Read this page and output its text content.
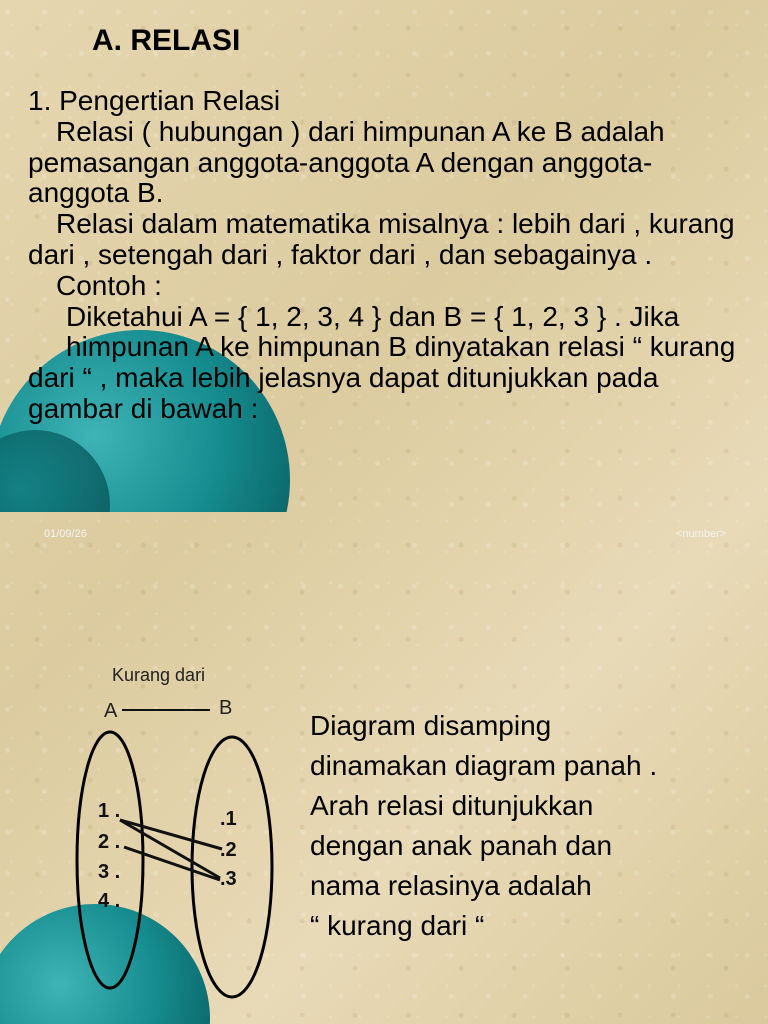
A. RELASI

1. Pengertian Relasi

Relasi ( hubungan ) dari himpunan A ke B adalah pemasangan anggota-anggota A dengan anggota-anggota B.

Relasi dalam matematika misalnya : lebih dari , kurang dari , setengah dari , faktor dari , dan sebagainya .

Contoh :

Diketahui A = { 1, 2, 3, 4 } dan B = { 1, 2, 3 } . Jika

himpunan A ke himpunan B dinyatakan relasi “ kurang dari “ , maka lebih jelasnya dapat ditunjukkan pada gambar di bawah :

01/09/26	<number>
Kurang dari
A	B
1 .
2 .
3 .
4 .
.1
.2
.3

Diagram disamping
dinamakan diagram panah .
Arah relasi ditunjukkan
dengan anak panah dan
nama relasinya adalah
“ kurang dari “
